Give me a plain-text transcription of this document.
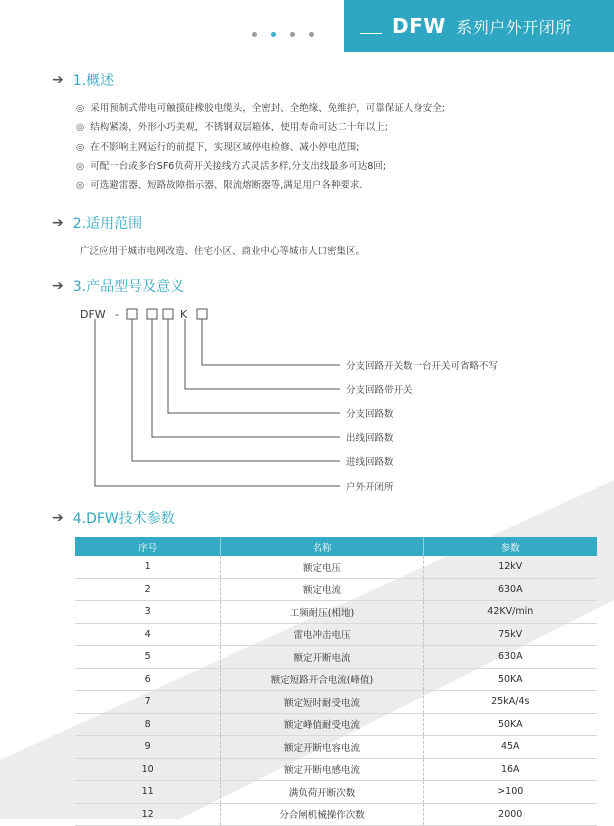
DFW 系列户外开闭所
➔ 1.概述
◎ 采用预制式带电可触摸硅橡胶电缆头，全密封、全绝缘、免维护，可靠保证人身安全;
◎ 结构紧凑，外形小巧美观，不锈钢双层箱体，使用寿命可达二十年以上;
◎ 在不影响主网运行的前提下，实现区域停电检修、减小停电范围;
◎ 可配一台或多台SF6负荷开关接线方式灵活多样,分支出线最多可达8回;
◎ 可选避雷器、短路故障指示器、限流熔断器等,满足用户各种要求.
➔ 2.适用范围
广泛应用于城市电网改造、住宅小区、商业中心等城市人口密集区。
➔ 3.产品型号及意义
DFW -	K
分支回路开关数一台开关可省略不写
分支回路带开关
分支回路数
出线回路数
进线回路数
户外开闭所
➔ 4.DFW技术参数
序号	名称	参数
1	额定电压	12kV
2	额定电流	630A
3	工频耐压(相地)	42KV/min
4	雷电冲击电压	75kV
5	额定开断电流	630A
6	额定短路开合电流(峰值)	50KA
7	额定短时耐受电流	25kA/4s
8	额定峰值耐受电流	50KA
9	额定开断电容电流	45A
10	额定开断电感电流	16A
11	满负荷开断次数	>100
12	分合闸机械操作次数	2000
